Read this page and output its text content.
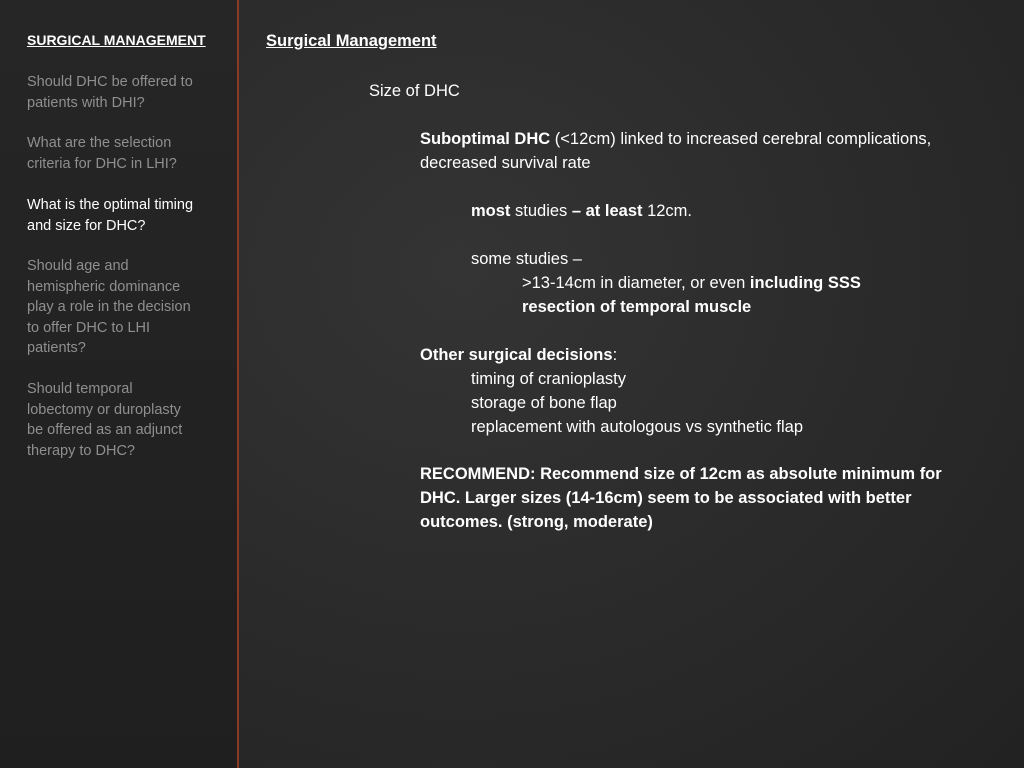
SURGICAL MANAGEMENT
Should DHC be offered to
patients with DHI?
What are the selection
criteria for DHC in LHI?
What is the optimal timing
and size for DHC?
Should age and
hemispheric dominance
play a role in the decision
to offer DHC to LHI
patients?
Should temporal
lobectomy or duroplasty
be offered as an adjunct
therapy to DHC?
Surgical Management
Size of DHC
Suboptimal DHC (<12cm) linked to increased cerebral complications,
decreased survival rate
most studies – at least 12cm.
some studies –
>13-14cm in diameter, or even including SSS
resection of temporal muscle
Other surgical decisions:
timing of cranioplasty
storage of bone flap
replacement with autologous vs synthetic flap
RECOMMEND: Recommend size of 12cm as absolute minimum for
DHC. Larger sizes (14-16cm) seem to be associated with better
outcomes. (strong, moderate)
